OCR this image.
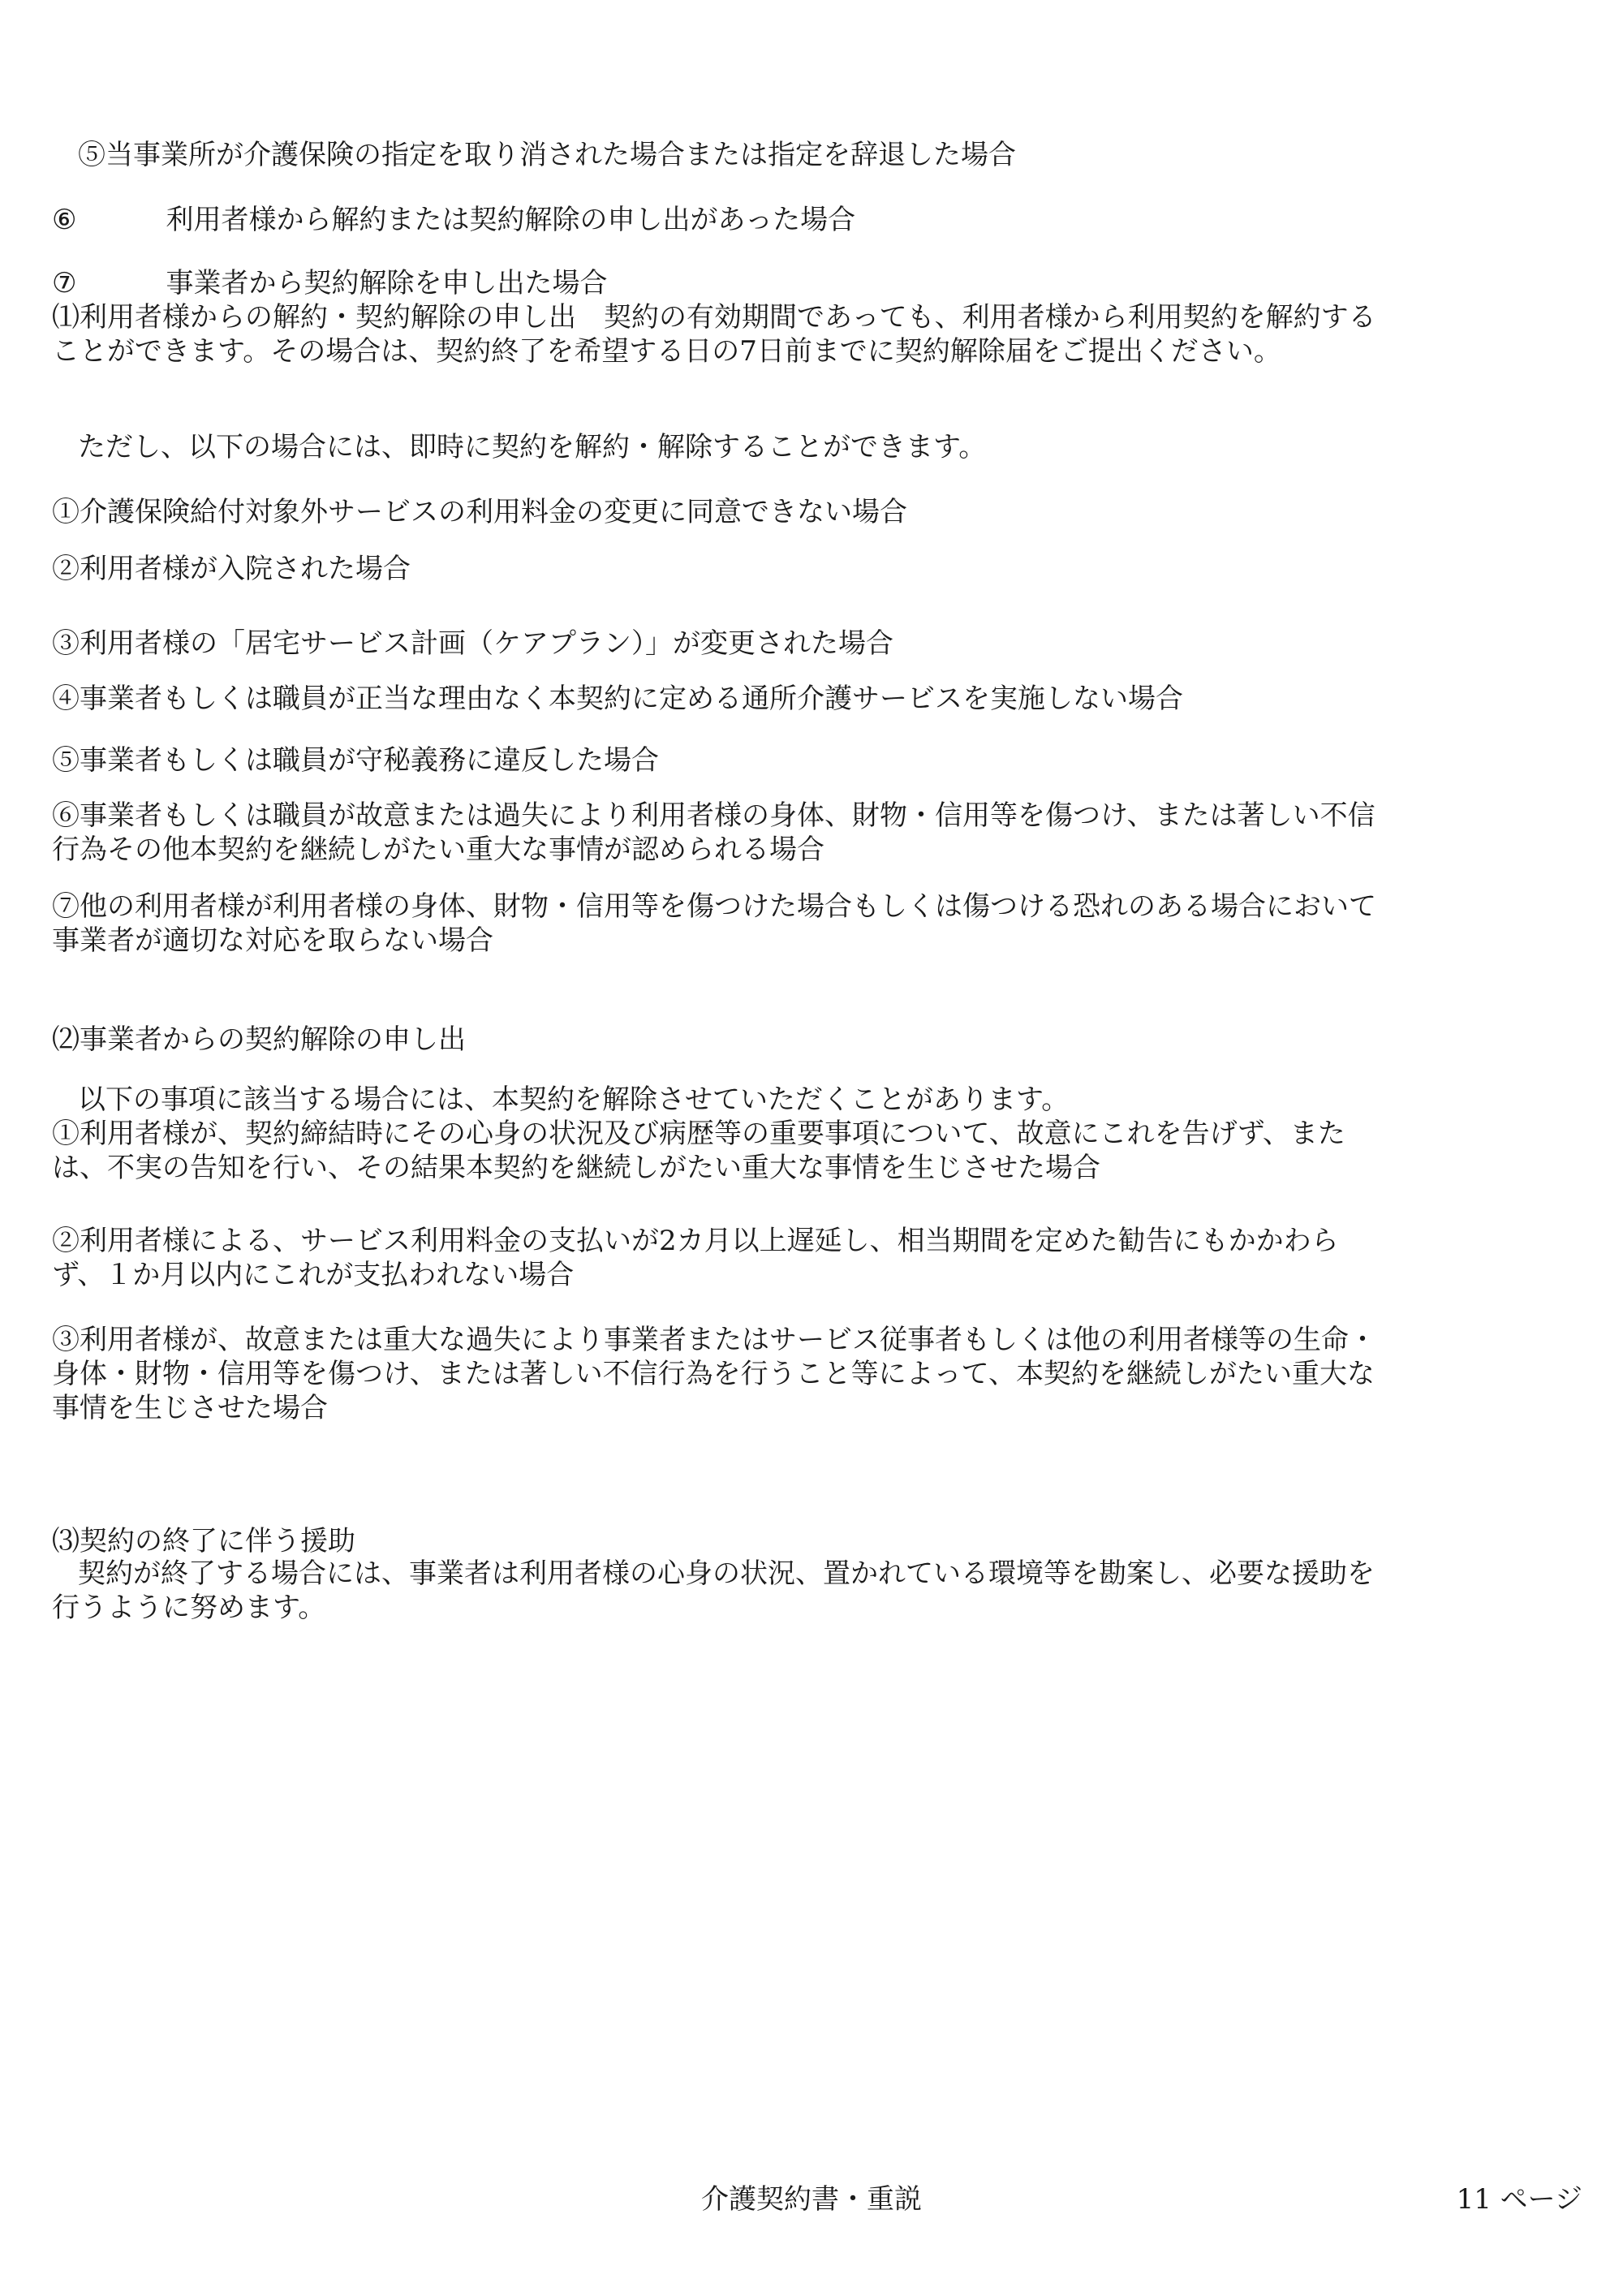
⑤当事業所が介護保険の指定を取り消された場合または指定を辞退した場合
⑥	利用者様から解約または契約解除の申し出があった場合
⑦	事業者から契約解除を申し出た場合
⑴利用者様からの解約・契約解除の申し出　契約の有効期間であっても、利用者様から利用契約を解約する
ことができます。その場合は、契約終了を希望する日の7日前までに契約解除届をご提出ください。
ただし、以下の場合には、即時に契約を解約・解除することができます。
①介護保険給付対象外サービスの利用料金の変更に同意できない場合
②利用者様が入院された場合
③利用者様の「居宅サービス計画（ケアプラン）」が変更された場合
④事業者もしくは職員が正当な理由なく本契約に定める通所介護サービスを実施しない場合
⑤事業者もしくは職員が守秘義務に違反した場合
⑥事業者もしくは職員が故意または過失により利用者様の身体、財物・信用等を傷つけ、または著しい不信
行為その他本契約を継続しがたい重大な事情が認められる場合
⑦他の利用者様が利用者様の身体、財物・信用等を傷つけた場合もしくは傷つける恐れのある場合において
事業者が適切な対応を取らない場合
⑵事業者からの契約解除の申し出
以下の事項に該当する場合には、本契約を解除させていただくことがあります。
①利用者様が、契約締結時にその心身の状況及び病歴等の重要事項について、故意にこれを告げず、また
は、不実の告知を行い、その結果本契約を継続しがたい重大な事情を生じさせた場合
②利用者様による、サービス利用料金の支払いが2カ月以上遅延し、相当期間を定めた勧告にもかかわら
ず、１か月以内にこれが支払われない場合
③利用者様が、故意または重大な過失により事業者またはサービス従事者もしくは他の利用者様等の生命・
身体・財物・信用等を傷つけ、または著しい不信行為を行うこと等によって、本契約を継続しがたい重大な
事情を生じさせた場合
⑶契約の終了に伴う援助
契約が終了する場合には、事業者は利用者様の心身の状況、置かれている環境等を勘案し、必要な援助を
行うように努めます。
介護契約書・重説	11 ページ
